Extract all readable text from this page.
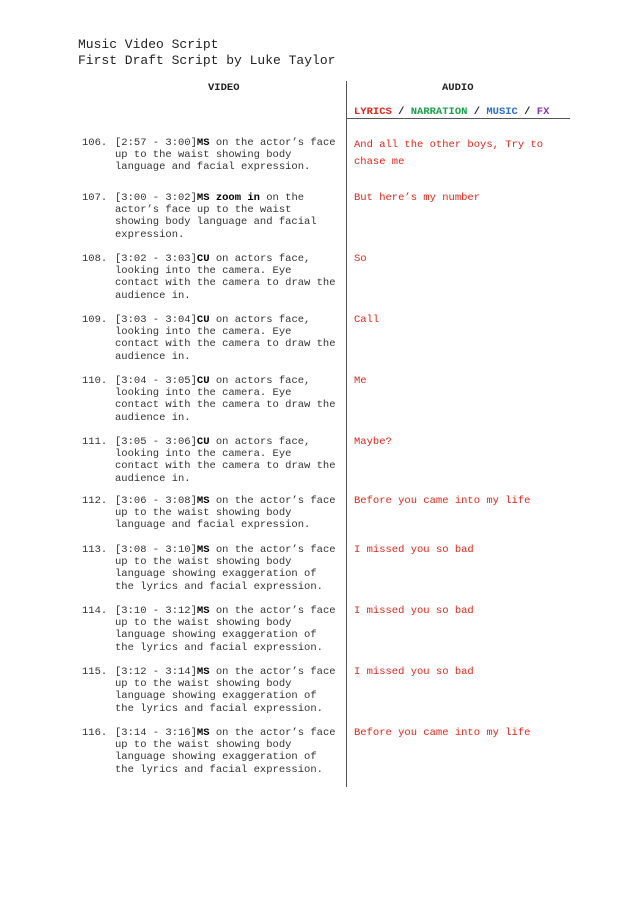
Music Video Script
First Draft Script by Luke Taylor
VIDEO	AUDIO
LYRICS / NARRATION / MUSIC / FX
106. [2:57 - 3:00]MS on the actor’s face up to the waist showing body language and facial expression.
And all the other boys, Try to chase me
107. [3:00 - 3:02]MS zoom in on the actor’s face up to the waist showing body language and facial expression.
But here’s my number
108. [3:02 - 3:03]CU on actors face, looking into the camera. Eye contact with the camera to draw the audience in.
So
109. [3:03 - 3:04]CU on actors face, looking into the camera. Eye contact with the camera to draw the audience in.
Call
110. [3:04 - 3:05]CU on actors face, looking into the camera. Eye contact with the camera to draw the audience in.
Me
111. [3:05 - 3:06]CU on actors face, looking into the camera. Eye contact with the camera to draw the audience in.
Maybe?
112. [3:06 - 3:08]MS on the actor’s face up to the waist showing body language and facial expression.
Before you came into my life
113. [3:08 - 3:10]MS on the actor’s face up to the waist showing body language showing exaggeration of the lyrics and facial expression.
I missed you so bad
114. [3:10 - 3:12]MS on the actor’s face up to the waist showing body language showing exaggeration of the lyrics and facial expression.
I missed you so bad
115. [3:12 - 3:14]MS on the actor’s face up to the waist showing body language showing exaggeration of the lyrics and facial expression.
I missed you so bad
116. [3:14 - 3:16]MS on the actor’s face up to the waist showing body language showing exaggeration of the lyrics and facial expression.
Before you came into my life
